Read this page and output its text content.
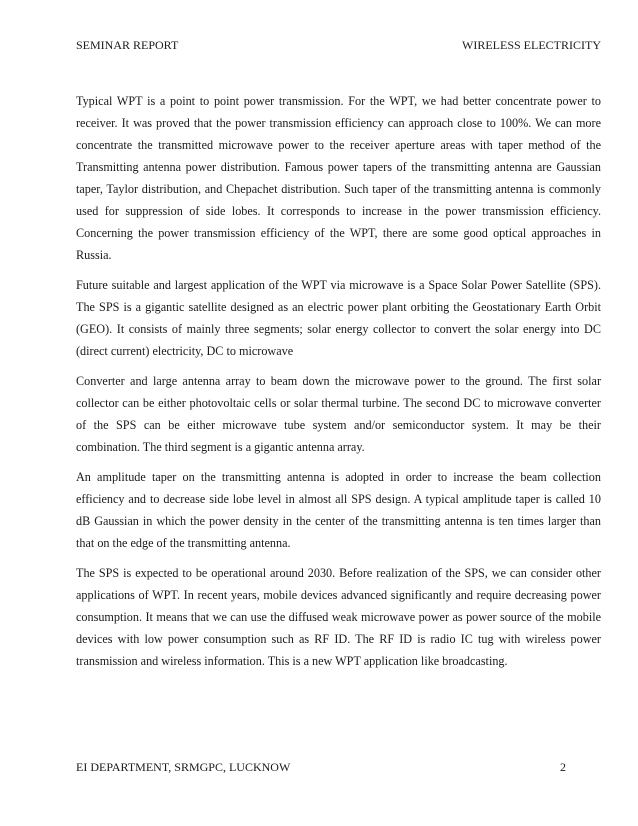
SEMINAR REPORT	WIRELESS ELECTRICITY

Typical WPT is a point to point power transmission. For the WPT, we had better concentrate power to receiver. It was proved that the power transmission efficiency can approach close to 100%. We can more concentrate the transmitted microwave power to the receiver aperture areas with taper method of the Transmitting antenna power distribution. Famous power tapers of the transmitting antenna are Gaussian taper, Taylor distribution, and Chepachet distribution. Such taper of the transmitting antenna is commonly used for suppression of side lobes. It corresponds to increase in the power transmission efficiency. Concerning the power transmission efficiency of the WPT, there are some good optical approaches in Russia.

Future suitable and largest application of the WPT via microwave is a Space Solar Power Satellite (SPS). The SPS is a gigantic satellite designed as an electric power plant orbiting the Geostationary Earth Orbit (GEO). It consists of mainly three segments; solar energy collector to convert the solar energy into DC (direct current) electricity, DC to microwave

Converter and large antenna array to beam down the microwave power to the ground. The first solar collector can be either photovoltaic cells or solar thermal turbine. The second DC to microwave converter of the SPS can be either microwave tube system and/or semiconductor system. It may be their combination. The third segment is a gigantic antenna array.

An amplitude taper on the transmitting antenna is adopted in order to increase the beam collection efficiency and to decrease side lobe level in almost all SPS design. A typical amplitude taper is called 10 dB Gaussian in which the power density in the center of the transmitting antenna is ten times larger than that on the edge of the transmitting antenna.

The SPS is expected to be operational around 2030. Before realization of the SPS, we can consider other applications of WPT. In recent years, mobile devices advanced significantly and require decreasing power consumption. It means that we can use the diffused weak microwave power as power source of the mobile devices with low power consumption such as RF ID. The RF ID is radio IC tug with wireless power transmission and wireless information. This is a new WPT application like broadcasting.

EI DEPARTMENT, SRMGPC, LUCKNOW	2
